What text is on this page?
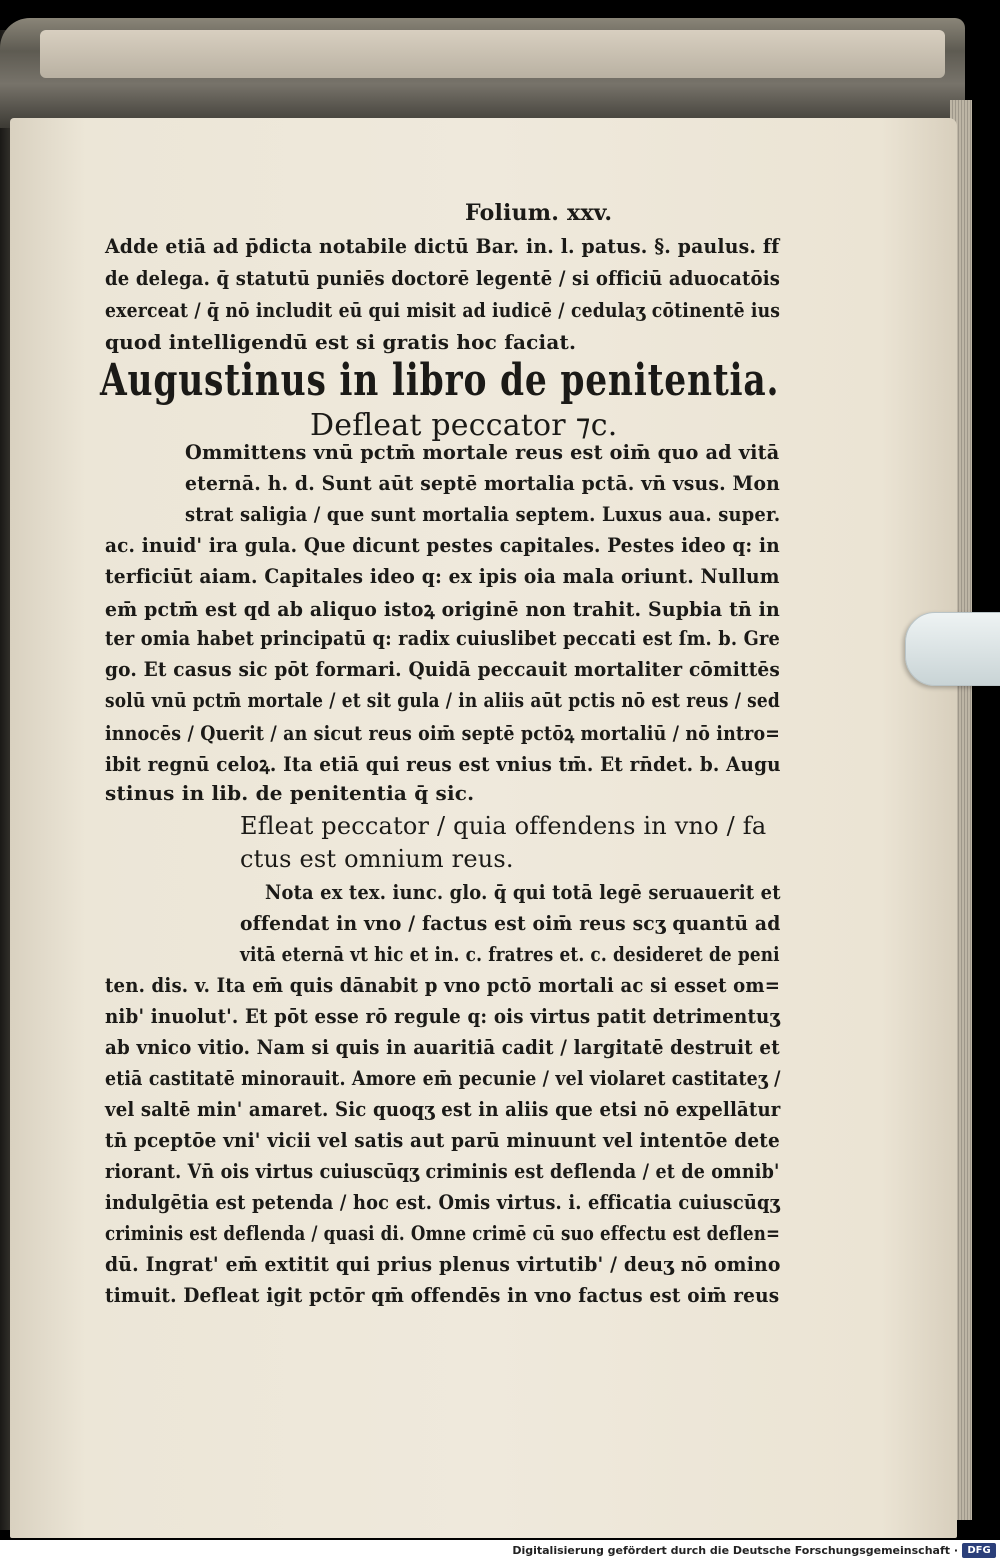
Folium. xxv.
Adde etiā ad p̄dicta notabile dictū Bar. in. l. patus. §. paulus. ff
de delega. q̄ statutū puniēs doctorē legentē / si officiū aduocatōis
exerceat / q̄ nō includit eū qui misit ad iudicē / cedulaʒ cōtinentē ius
quod intelligendū est si gratis hoc faciat.
Augustinus in libro de penitentia.
Defleat peccator ⁊c.
Ommittens vnū pctm̄ mortale reus est oim̄ quo ad vitā
eternā. h. d. Sunt aūt septē mortalia pctā. vn̄ vsus. Mon
strat saligia / que sunt mortalia septem. Luxus aua. super.
ac. inuid' ira gula. Que dicunt pestes capitales. Pestes ideo q: in
terficiūt aiam. Capitales ideo q: ex ipis oia mala oriunt. Nullum
em̄ pctm̄ est qd ab aliquo istoꝝ originē non trahit. Supbia tn̄ in
ter omia habet principatū q: radix cuiuslibet peccati est ſm. b. Gre
go. Et casus sic pōt formari. Quidā peccauit mortaliter cōmittēs
solū vnū pctm̄ mortale / et sit gula / in aliis aūt pctis nō est reus / sed
innocēs / Querit / an sicut reus oim̄ septē pctōꝝ mortaliū / nō intro=
ibit regnū celoꝝ. Ita etiā qui reus est vnius tm̄. Et rn̄det. b. Augu
stinus in lib. de penitentia q̄ sic.
Efleat peccator / quia offendens in vno / fa
ctus est omnium reus.
Nota ex tex. iunc. glo. q̄ qui totā legē seruauerit et
offendat in vno / factus est oim̄ reus scʒ quantū ad
vitā eternā vt hic et in. c. fratres et. c. desideret de peni
ten. dis. v. Ita em̄ quis dānabit p vno pctō mortali ac si esset om=
nib' inuolut'. Et pōt esse rō regule q: ois virtus patit detrimentuʒ
ab vnico vitio. Nam si quis in auaritiā cadit / largitatē destruit et
etiā castitatē minorauit. Amore em̄ pecunie / vel violaret castitateʒ /
vel saltē min' amaret. Sic quoqʒ est in aliis que etsi nō expellātur
tn̄ pceptōe vni' vicii vel satis aut parū minuunt vel intentōe dete
riorant. Vn̄ ois virtus cuiuscūqʒ criminis est deflenda / et de omnib'
indulgētia est petenda / hoc est. Omis virtus. i. efficatia cuiuscūqʒ
criminis est deflenda / quasi di. Omne crimē cū suo effectu est deflen=
dū. Ingrat' em̄ extitit qui prius plenus virtutib' / deuʒ nō omino
timuit. Defleat igit pctōr qm̄ offendēs in vno factus est oim̄ reus
Digitalisierung gefördert durch die Deutsche Forschungsgemeinschaft · DFG
